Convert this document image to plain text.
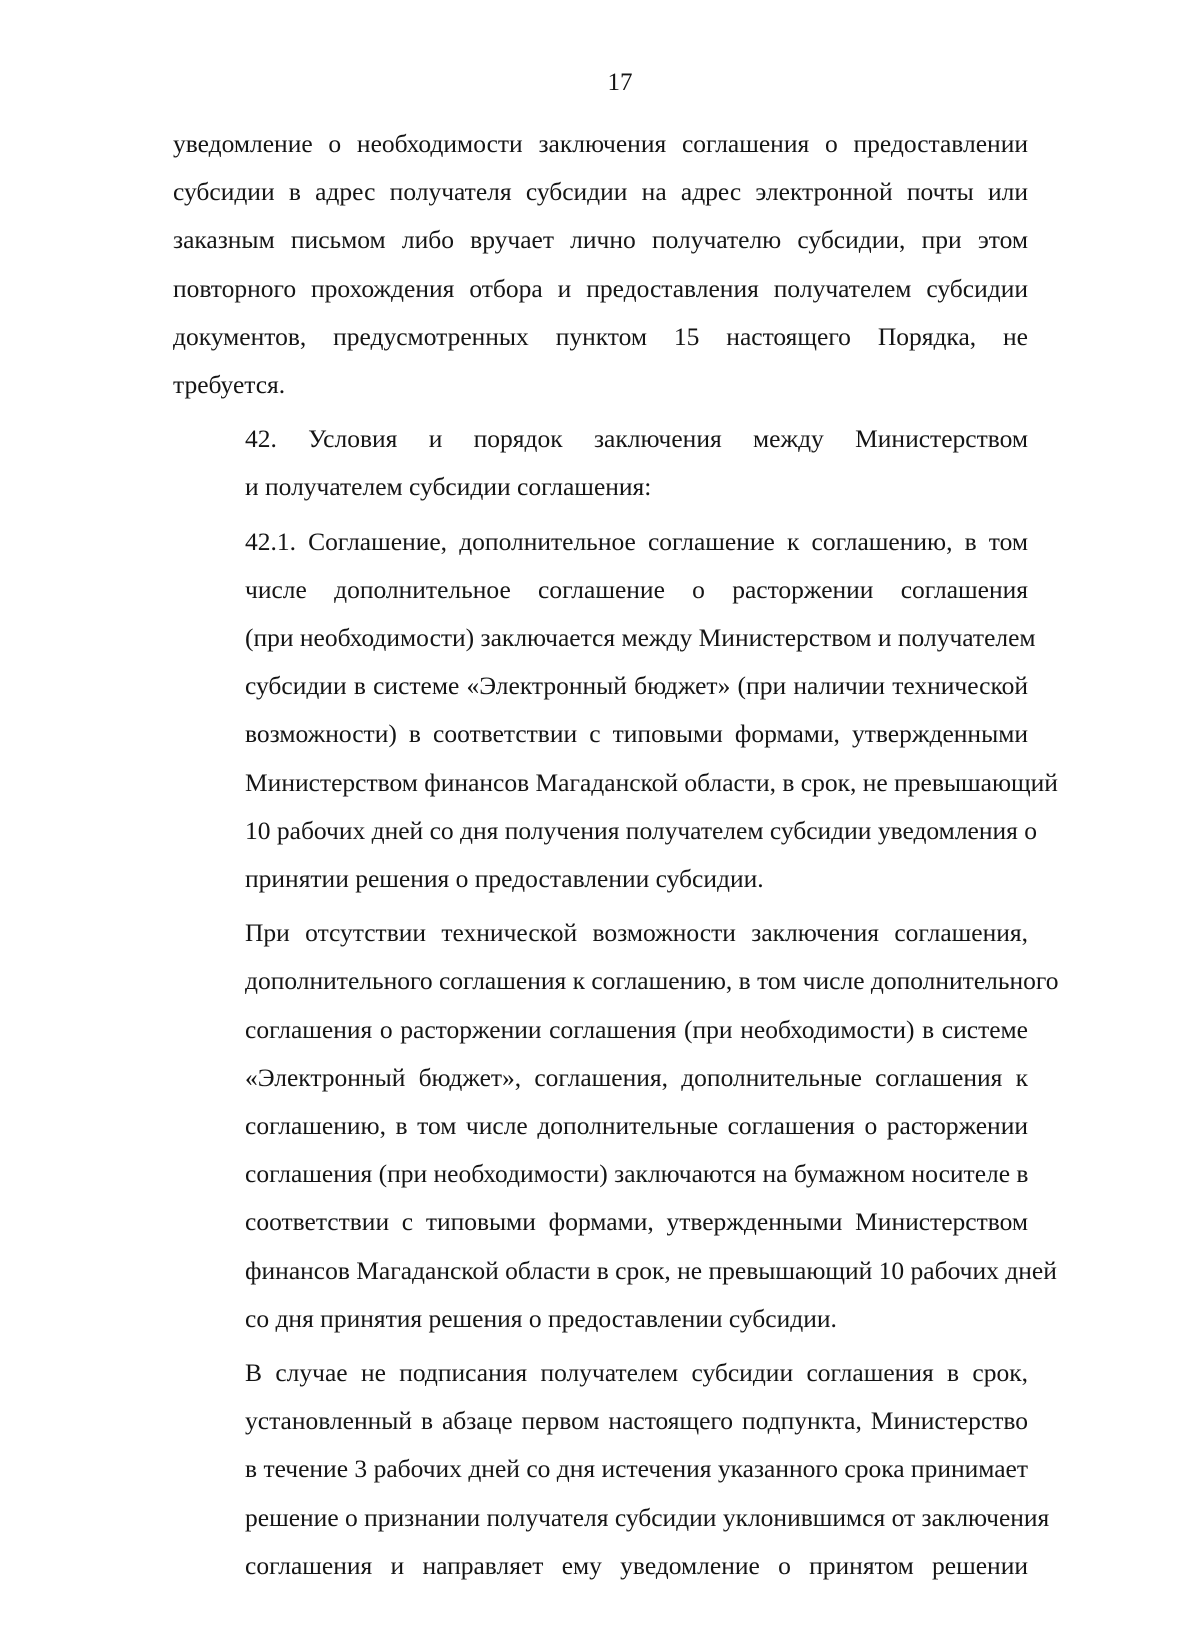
17

уведомление о необходимости заключения соглашения о предоставлении
субсидии в адрес получателя субсидии на адрес электронной почты или
заказным письмом либо вручает лично получателю субсидии, при этом
повторного прохождения отбора и предоставления получателем субсидии
документов, предусмотренных пунктом 15 настоящего Порядка, не
требуется.

42. Условия и порядок заключения между Министерством
и получателем субсидии соглашения:

42.1. Соглашение, дополнительное соглашение к соглашению, в том
числе дополнительное соглашение о расторжении соглашения
(при необходимости) заключается между Министерством и получателем
субсидии в системе «Электронный бюджет» (при наличии технической
возможности) в соответствии с типовыми формами, утвержденными
Министерством финансов Магаданской области, в срок, не превышающий
10 рабочих дней со дня получения получателем субсидии уведомления о
принятии решения о предоставлении субсидии.

При отсутствии технической возможности заключения соглашения,
дополнительного соглашения к соглашению, в том числе дополнительного
соглашения о расторжении соглашения (при необходимости) в системе
«Электронный бюджет», соглашения, дополнительные соглашения к
соглашению, в том числе дополнительные соглашения о расторжении
соглашения (при необходимости) заключаются на бумажном носителе в
соответствии с типовыми формами, утвержденными Министерством
финансов Магаданской области в срок, не превышающий 10 рабочих дней
со дня принятия решения о предоставлении субсидии.

В случае не подписания получателем субсидии соглашения в срок,
установленный в абзаце первом настоящего подпункта, Министерство
в течение 3 рабочих дней со дня истечения указанного срока принимает
решение о признании получателя субсидии уклонившимся от заключения
соглашения и направляет ему уведомление о принятом решении
